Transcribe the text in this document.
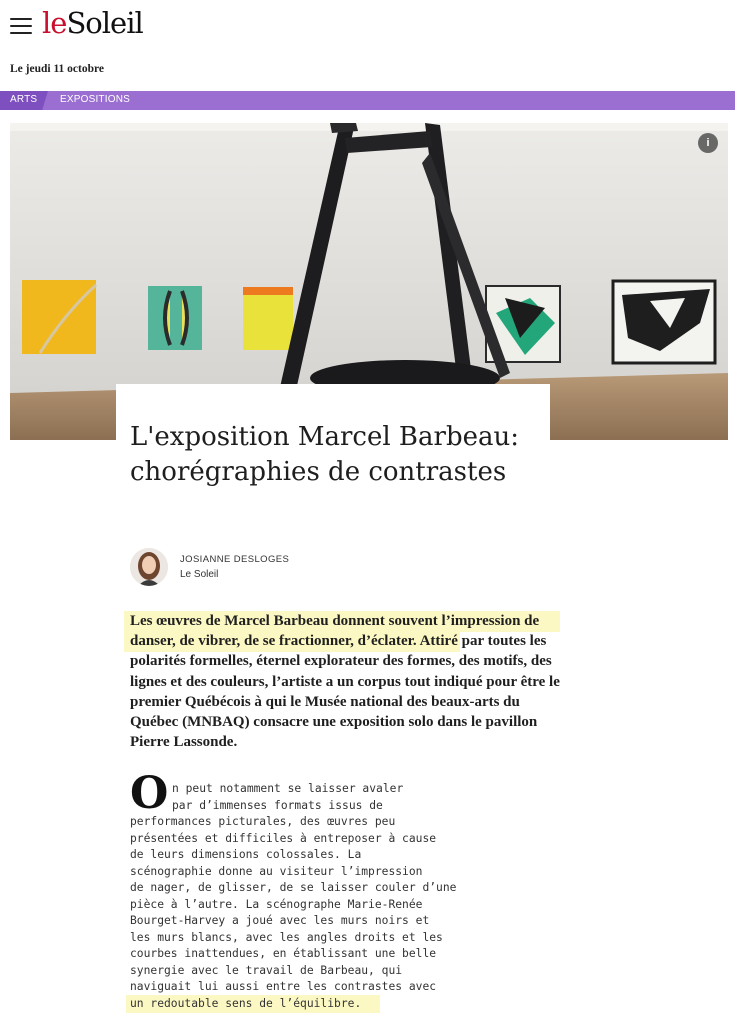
leSoleil
Le jeudi 11 octobre
ARTS EXPOSITIONS
i
L'exposition Marcel Barbeau: chorégraphies de contrastes
JOSIANNE DESLOGES
Le Soleil

Les œuvres de Marcel Barbeau donnent souvent l’impression de danser, de vibrer, de se fractionner, d’éclater. Attiré par toutes les polarités formelles, éternel explorateur des formes, des motifs, des lignes et des couleurs, l’artiste a un corpus tout indiqué pour être le premier Québécois à qui le Musée national des beaux-arts du Québec (MNBAQ) consacre une exposition solo dans le pavillon Pierre Lassonde.

O n peut notamment se laisser avaler
par d’immenses formats issus de
performances picturales, des œuvres peu
présentées et difficiles à entreposer à cause
de leurs dimensions colossales. La
scénographie donne au visiteur l’impression
de nager, de glisser, de se laisser couler d’une
pièce à l’autre. La scénographe Marie-Renée
Bourget-Harvey a joué avec les murs noirs et
les murs blancs, avec les angles droits et les
courbes inattendues, en établissant une belle
synergie avec le travail de Barbeau, qui
naviguait lui aussi entre les contrastes avec
un redoutable sens de l’équilibre.
